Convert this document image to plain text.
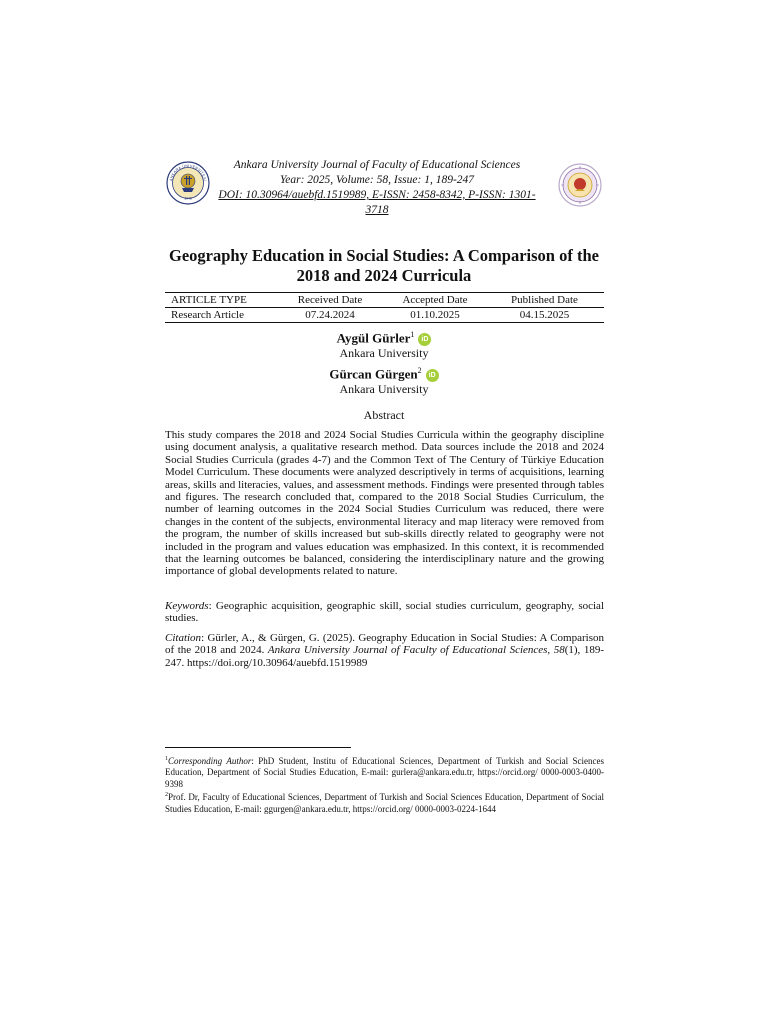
ANKARA ÜNİVERSİTESİ
1946
Ankara University Journal of Faculty of Educational Sciences
Year: 2025, Volume: 58, Issue: 1, 189-247
DOI: 10.30964/auebfd.1519989, E-ISSN: 2458-8342, P-ISSN: 1301-3718
Geography Education in Social Studies: A Comparison of the 2018 and 2024 Curricula
ARTICLE TYPE	Received Date	Accepted Date	Published Date
Research Article	07.24.2024	01.10.2025	04.15.2025
Aygül Gürler$^1$iD
Ankara University
Gürcan Gürgen$^2$iD
Ankara University
Abstract

This study compares the 2018 and 2024 Social Studies Curricula within the geography discipline using document analysis, a qualitative research method. Data sources include the 2018 and 2024 Social Studies Curricula (grades 4-7) and the Common Text of The Century of Türkiye Education Model Curriculum. These documents were analyzed descriptively in terms of acquisitions, learning areas, skills and literacies, values, and assessment methods. Findings were presented through tables and figures. The research concluded that, compared to the 2018 Social Studies Curriculum, the number of learning outcomes in the 2024 Social Studies Curriculum was reduced, there were changes in the content of the subjects, environmental literacy and map literacy were removed from the program, the number of skills increased but sub-skills directly related to geography were not included in the program and values education was emphasized. In this context, it is recommended that the learning outcomes be balanced, considering the interdisciplinary nature and the growing importance of global developments related to nature.

Keywords: Geographic acquisition, geographic skill, social studies curriculum, geography, social studies.

Citation: Gürler, A., & Gürgen, G. (2025). Geography Education in Social Studies: A Comparison of the 2018 and 2024. Ankara University Journal of Faculty of Educational Sciences, 58(1), 189-247. https://doi.org/10.30964/auebfd.1519989

$^1$Corresponding Author: PhD Student, Institu of Educational Sciences, Department of Turkish and Social Sciences Education, Department of Social Studies Education, E-mail: gurlera@ankara.edu.tr, https://orcid.org/ 0000-0003-0400-9398

$^2$Prof. Dr, Faculty of Educational Sciences, Department of Turkish and Social Sciences Education, Department of Social Studies Education, E-mail: ggurgen@ankara.edu.tr, https://orcid.org/ 0000-0003-0224-1644
